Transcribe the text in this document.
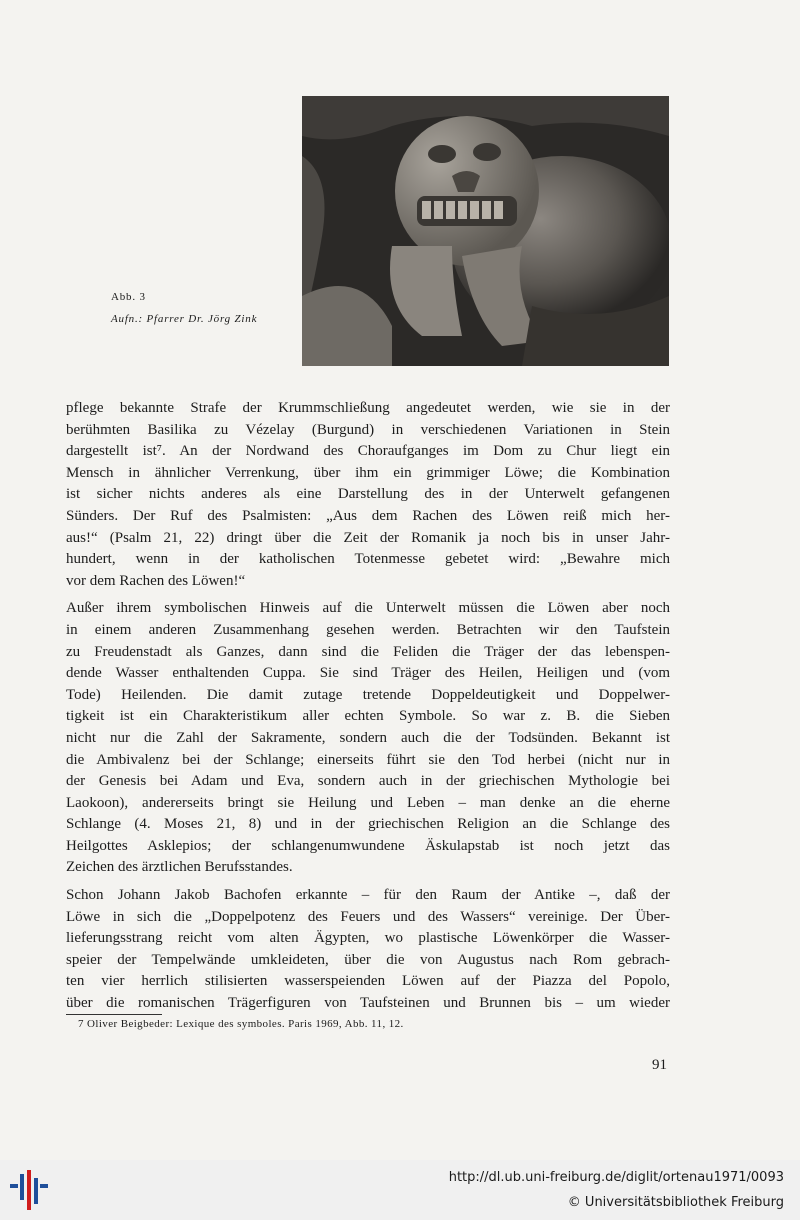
Abb. 3
Aufn.: Pfarrer Dr. Jörg Zink

pflege bekannte Strafe der Krummschließung angedeutet werden, wie sie in der
berühmten Basilika zu Vézelay (Burgund) in verschiedenen Variationen in Stein
dargestellt ist⁷. An der Nordwand des Choraufganges im Dom zu Chur liegt ein
Mensch in ähnlicher Verrenkung, über ihm ein grimmiger Löwe; die Kombination
ist sicher nichts anderes als eine Darstellung des in der Unterwelt gefangenen
Sünders. Der Ruf des Psalmisten: „Aus dem Rachen des Löwen reiß mich her-
aus!“ (Psalm 21, 22) dringt über die Zeit der Romanik ja noch bis in unser Jahr-
hundert, wenn in der katholischen Totenmesse gebetet wird: „Bewahre mich
vor dem Rachen des Löwen!“

Außer ihrem symbolischen Hinweis auf die Unterwelt müssen die Löwen aber noch
in einem anderen Zusammenhang gesehen werden. Betrachten wir den Taufstein
zu Freudenstadt als Ganzes, dann sind die Feliden die Träger der das lebenspen-
dende Wasser enthaltenden Cuppa. Sie sind Träger des Heilen, Heiligen und (vom
Tode) Heilenden. Die damit zutage tretende Doppeldeutigkeit und Doppelwer-
tigkeit ist ein Charakteristikum aller echten Symbole. So war z. B. die Sieben
nicht nur die Zahl der Sakramente, sondern auch die der Todsünden. Bekannt ist
die Ambivalenz bei der Schlange; einerseits führt sie den Tod herbei (nicht nur in
der Genesis bei Adam und Eva, sondern auch in der griechischen Mythologie bei
Laokoon), andererseits bringt sie Heilung und Leben – man denke an die eherne
Schlange (4. Moses 21, 8) und in der griechischen Religion an die Schlange des
Heilgottes Asklepios; der schlangenumwundene Äskulapstab ist noch jetzt das
Zeichen des ärztlichen Berufsstandes.

Schon Johann Jakob Bachofen erkannte – für den Raum der Antike –, daß der
Löwe in sich die „Doppelpotenz des Feuers und des Wassers“ vereinige. Der Über-
lieferungsstrang reicht vom alten Ägypten, wo plastische Löwenkörper die Wasser-
speier der Tempelwände umkleideten, über die von Augustus nach Rom gebrach-
ten vier herrlich stilisierten wasserspeienden Löwen auf der Piazza del Popolo,
über die romanischen Trägerfiguren von Taufsteinen und Brunnen bis – um wieder

7 Oliver Beigbeder: Lexique des symboles. Paris 1969, Abb. 11, 12.
91
http://dl.ub.uni-freiburg.de/diglit/ortenau1971/0093
© Universitätsbibliothek Freiburg
